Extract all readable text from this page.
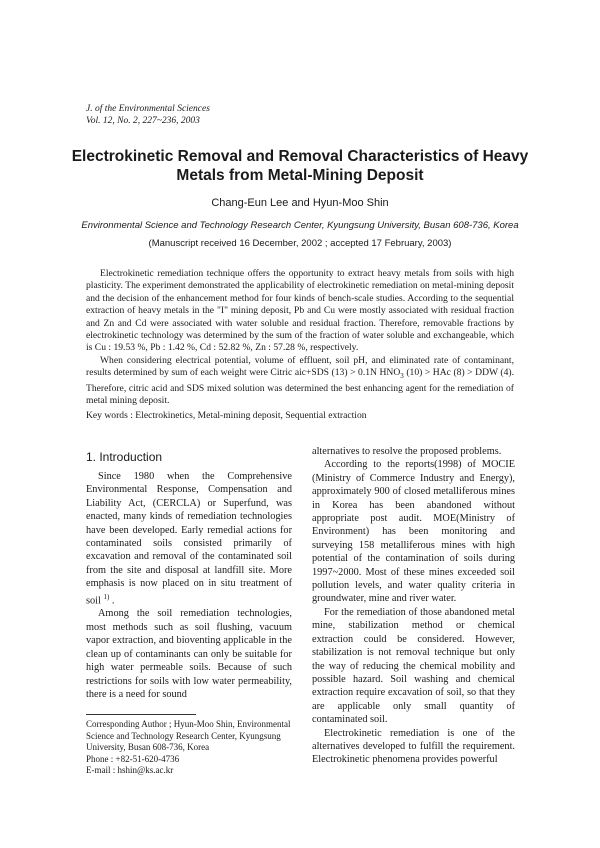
J. of the Environmental Sciences
Vol. 12, No. 2, 227~236, 2003
Electrokinetic Removal and Removal Characteristics of Heavy Metals from Metal-Mining Deposit
Chang-Eun Lee and Hyun-Moo Shin
Environmental Science and Technology Research Center, Kyungsung University, Busan 608-736, Korea
(Manuscript received 16 December, 2002 ; accepted 17 February, 2003)

Electrokinetic remediation technique offers the opportunity to extract heavy metals from soils with high plasticity. The experiment demonstrated the applicability of electrokinetic remediation on metal-mining deposit and the decision of the enhancement method for four kinds of bench-scale studies. According to the sequential extraction of heavy metals in the "I" mining deposit, Pb and Cu were mostly associated with residual fraction and Zn and Cd were associated with water soluble and residual fraction. Therefore, removable fractions by electrokinetic technology was determined by the sum of the fraction of water soluble and exchangeable, which is Cu : 19.53 %, Pb : 1.42 %, Cd : 52.82 %, Zn : 57.28 %, respectively.

When considering electrical potential, volume of effluent, soil pH, and eliminated rate of contaminant, results determined by sum of each weight were Citric aic+SDS (13) > 0.1N $HNO_3$ (10) > HAc (8) > DDW (4). Therefore, citric acid and SDS mixed solution was determined the best enhancing agent for the remediation of metal mining deposit.

Key words : Electrokinetics, Metal-mining deposit, Sequential extraction
1. Introduction

Since 1980 when the Comprehensive Environmental Response, Compensation and Liability Act, (CERCLA) or Superfund, was enacted, many kinds of remediation technologies have been developed. Early remedial actions for contaminated soils consisted primarily of excavation and removal of the contaminated soil from the site and disposal at landfill site. More emphasis is now placed on in situ treatment of soil $^{1)}$ .

Among the soil remediation technologies, most methods such as soil flushing, vacuum vapor extraction, and bioventing applicable in the clean up of contaminants can only be suitable for high water permeable soils. Because of such restrictions for soils with low water permeability, there is a need for sound

Corresponding Author ; Hyun-Moo Shin, Environmental
Science and Technology Research Center, Kyungsung
University, Busan 608-736, Korea
Phone : +82-51-620-4736
E-mail : hshin@ks.ac.kr

alternatives to resolve the proposed problems.

According to the reports(1998) of MOCIE (Ministry of Commerce Industry and Energy), approximately 900 of closed metalliferous mines in Korea has been abandoned without appropriate post audit. MOE(Ministry of Environment) has been monitoring and surveying 158 metalliferous mines with high potential of the contamination of soils during 1997~2000. Most of these mines exceeded soil pollution levels, and water quality criteria in groundwater, mine and river water.

For the remediation of those abandoned metal mine, stabilization method or chemical extraction could be considered. However, stabilization is not removal technique but only the way of reducing the chemical mobility and possible hazard. Soil washing and chemical extraction require excavation of soil, so that they are applicable only small quantity of contaminated soil.

Electrokinetic remediation is one of the alternatives developed to fulfill the requirement. Electrokinetic phenomena provides powerful
